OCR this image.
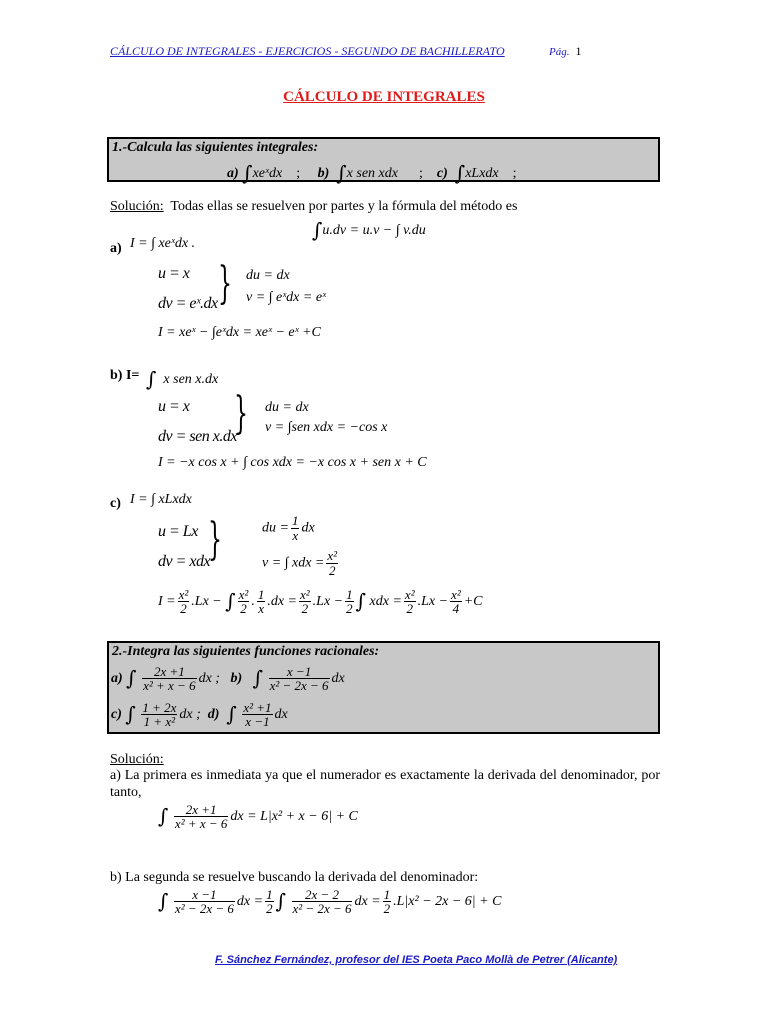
CÁLCULO DE INTEGRALES - EJERCICIOS - SEGUNDO DE BACHILLERATO	Pág. 1
CÁLCULO DE INTEGRALES
1.-Calcula las siguientes integrales:
a) ∫xeˣdx ; b) ∫x sen xdx ; c) ∫xLxdx ;
Solución: Todas ellas se resuelven por partes y la fórmula del método es
∫u.dv = u.v − ∫ v.du
a) I = ∫ xeˣdx .
u = x
dv = eˣ.dx } du = dx
v = ∫ eˣdx = eˣ
I = xeˣ − ∫eˣdx = xeˣ − eˣ +C
b) I= ∫ x sen x.dx
u = x
dv = sen x.dx
} du = dx
v = ∫sen xdx = −cos x
I = −x cos x + ∫ cos xdx = −x cos x + sen x + C
c) I = ∫ xLxdx
u = Lx
dv = xdx
}	du = $\frac{1}{x}$ dx
v = ∫ xdx = $\frac{\text{x²}}{2}$
$I = \frac{\text{x²}}{2} .Lx$ − ∫ $\frac{\text{x²}}{2}$ . $\frac{1}{x} .dx = \frac{\text{x²}}{2} .Lx - \frac{1}{2}$ ∫ xdx = $\frac{\text{x²}}{2} .Lx - \frac{\text{x²}}{4} +C$
2.-Integra las siguientes funciones racionales:
a) ∫ $\frac{2x +1}{\text{x² + x − 6}}$ dx ; b) ∫ $\frac{x -1}{\text{x² − 2x − 6}}$ dx
c) ∫ $\frac{1 + 2x}{\text{1 + x²}}$ dx ; d) ∫ $\frac{\text{x² +1}}{x -1}$ dx
Solución:
a) La primera es inmediata ya que el numerador es exactamente la derivada del denominador, por tanto,
∫ $\frac{2x +1}{\text{x² + x − 6}}$ dx = L|x² + x − 6| + C
b) La segunda se resuelve buscando la derivada del denominador:
∫ $\frac{x -1}{\text{x² − 2x − 6}}$ dx = $\frac{1}{2}$ ∫ $\frac{2x - 2}{\text{x² − 2x − 6}}$ dx = $\frac{1}{2} .L|x^2 - 2x - 6| + C$
F. Sánchez Fernández, profesor del IES Poeta Paco Mollà de Petrer (Alicante)
